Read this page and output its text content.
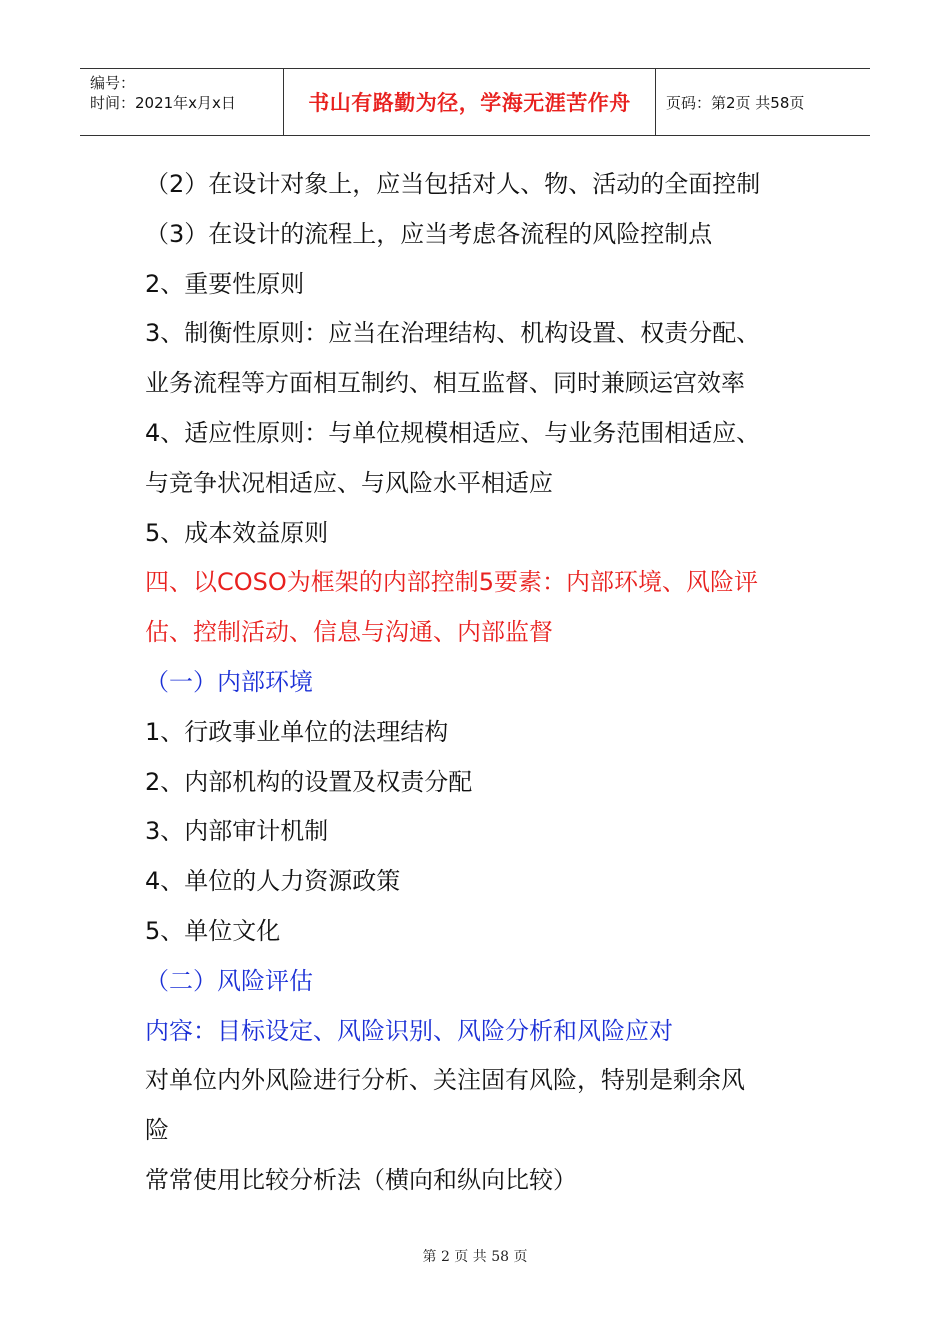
编号：
时间：2021年x月x日	书山有路勤为径，学海无涯苦作舟	页码：第2页 共58页
（2）在设计对象上，应当包括对人、物、活动的全面控制
（3）在设计的流程上，应当考虑各流程的风险控制点
2、重要性原则
3、制衡性原则：应当在治理结构、机构设置、权责分配、
业务流程等方面相互制约、相互监督、同时兼顾运宫效率
4、适应性原则：与单位规模相适应、与业务范围相适应、
与竞争状况相适应、与风险水平相适应
5、成本效益原则
四、以COSO为框架的内部控制5要素：内部环境、风险评
估、控制活动、信息与沟通、内部监督
（一）内部环境
1、行政事业单位的法理结构
2、内部机构的设置及权责分配
3、内部审计机制
4、单位的人力资源政策
5、单位文化
（二）风险评估
内容：目标设定、风险识别、风险分析和风险应对
对单位内外风险进行分析、关注固有风险，特别是剩余风
险
常常使用比较分析法（横向和纵向比较）
第 2 页 共 58 页
